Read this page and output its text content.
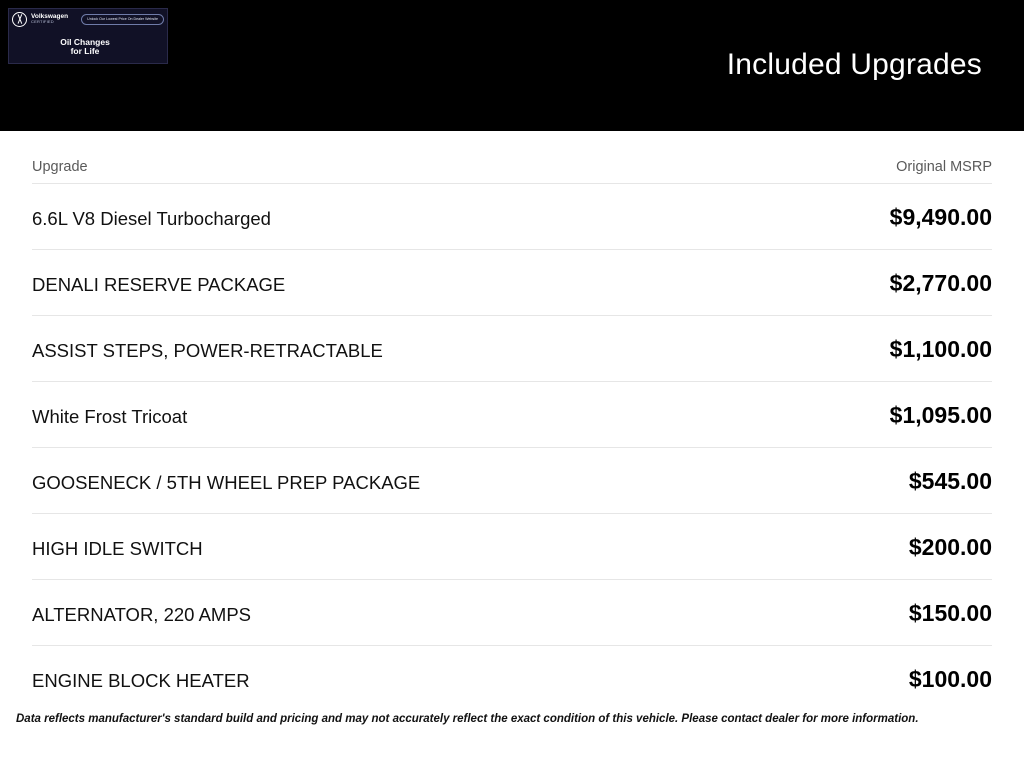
Volkswagen
CERTIFIED
Unlock Our Lowest Price On Dealer Website
Oil Changes
for Life	Included Upgrades
Upgrade	Original MSRP
6.6L V8 Diesel Turbocharged	$9,490.00
DENALI RESERVE PACKAGE	$2,770.00
ASSIST STEPS, POWER-RETRACTABLE	$1,100.00
White Frost Tricoat	$1,095.00
GOOSENECK / 5TH WHEEL PREP PACKAGE	$545.00
HIGH IDLE SWITCH	$200.00
ALTERNATOR, 220 AMPS	$150.00
ENGINE BLOCK HEATER	$100.00
Data reflects manufacturer's standard build and pricing and may not accurately reflect the exact condition of this vehicle. Please contact dealer for more information.
